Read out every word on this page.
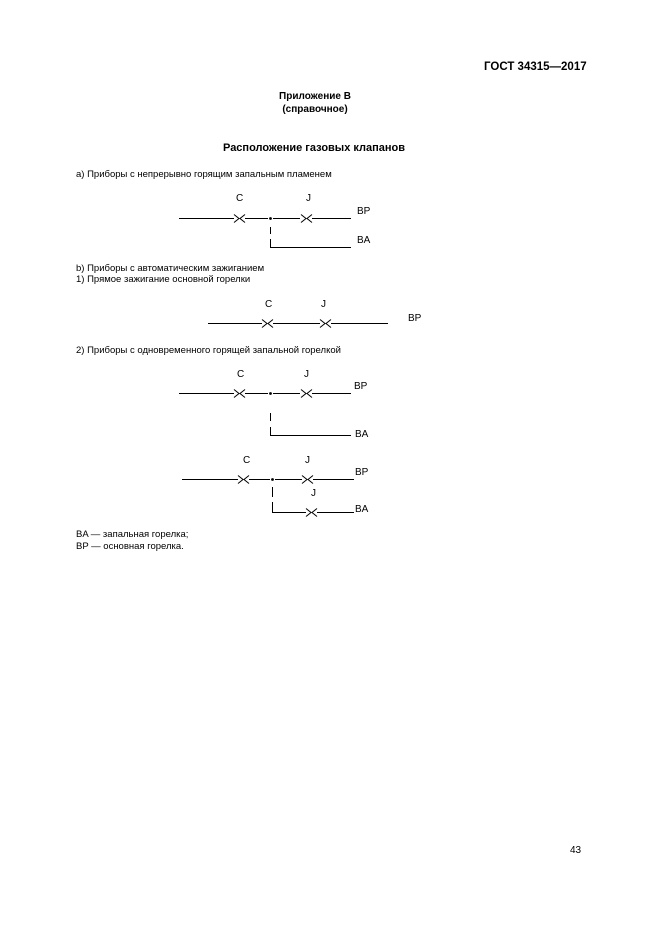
ГОСТ 34315—2017
Приложение В
(справочное)
Расположение газовых клапанов
а) Приборы с непрерывно горящим запальным пламенем
C	J
BP
BA
b) Приборы с автоматическим зажиганием
1) Прямое зажигание основной горелки
C	J
BP
2) Приборы с одновременного горящей запальной горелкой
C	J
BP
BA
C	J
BP
J
BA
BA — запальная горелка;
BP — основная горелка.
43
